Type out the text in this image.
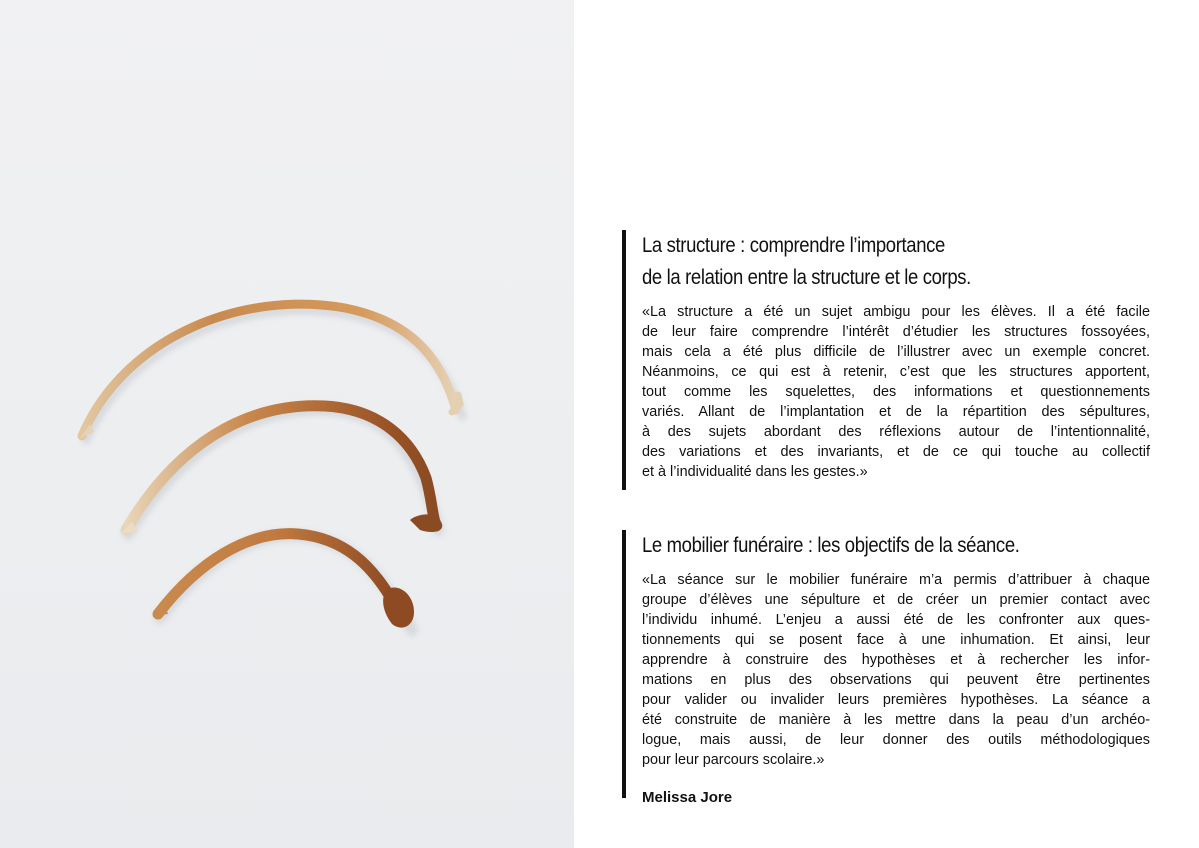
La structure : comprendre l’importance
de la relation entre la structure et le corps.
«La structure a été un sujet ambigu pour les élèves. Il a été facile
de leur faire comprendre l’intérêt d’étudier les structures fossoyées,
mais cela a été plus difficile de l’illustrer avec un exemple concret.
Néanmoins, ce qui est à retenir, c’est que les structures apportent,
tout comme les squelettes, des informations et questionnements
variés. Allant de l’implantation et de la répartition des sépultures,
à des sujets abordant des réflexions autour de l’intentionnalité,
des variations et des invariants, et de ce qui touche au collectif
et à l’individualité dans les gestes.»
Le mobilier funéraire : les objectifs de la séance.
«La séance sur le mobilier funéraire m’a permis d’attribuer à chaque
groupe d’élèves une sépulture et de créer un premier contact avec
l’individu inhumé. L’enjeu a aussi été de les confronter aux ques-
tionnements qui se posent face à une inhumation. Et ainsi, leur
apprendre à construire des hypothèses et à rechercher les infor-
mations en plus des observations qui peuvent être pertinentes
pour valider ou invalider leurs premières hypothèses. La séance a
été construite de manière à les mettre dans la peau d’un archéo-
logue, mais aussi, de leur donner des outils méthodologiques
pour leur parcours scolaire.»
Melissa Jore
